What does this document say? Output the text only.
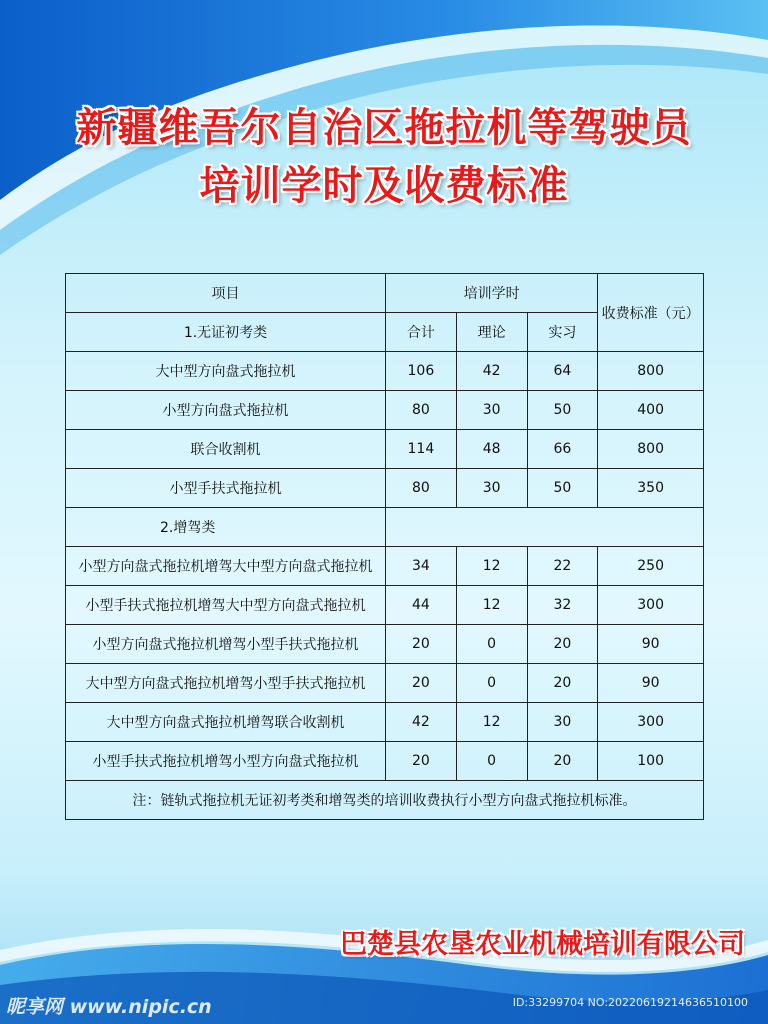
新疆维吾尔自治区拖拉机等驾驶员
培训学时及收费标准
项目	培训学时			收费标准（元）
1.无证初考类	合计	理论	实习	
大中型方向盘式拖拉机	106	42	64	800
小型方向盘式拖拉机	80	30	50	400
联合收割机	114	48	66	800
小型手扶式拖拉机	80	30	50	350
2.增驾类				
小型方向盘式拖拉机增驾大中型方向盘式拖拉机	34	12	22	250
小型手扶式拖拉机增驾大中型方向盘式拖拉机	44	12	32	300
小型方向盘式拖拉机增驾小型手扶式拖拉机	20	0	20	90
大中型方向盘式拖拉机增驾小型手扶式拖拉机	20	0	20	90
大中型方向盘式拖拉机增驾联合收割机	42	12	30	300
小型手扶式拖拉机增驾小型方向盘式拖拉机	20	0	20	100
注：链轨式拖拉机无证初考类和增驾类的培训收费执行小型方向盘式拖拉机标准。				
巴楚县农垦农业机械培训有限公司
昵享网 www.nipic.cn	ID:33299704 NO:20220619214636510100
